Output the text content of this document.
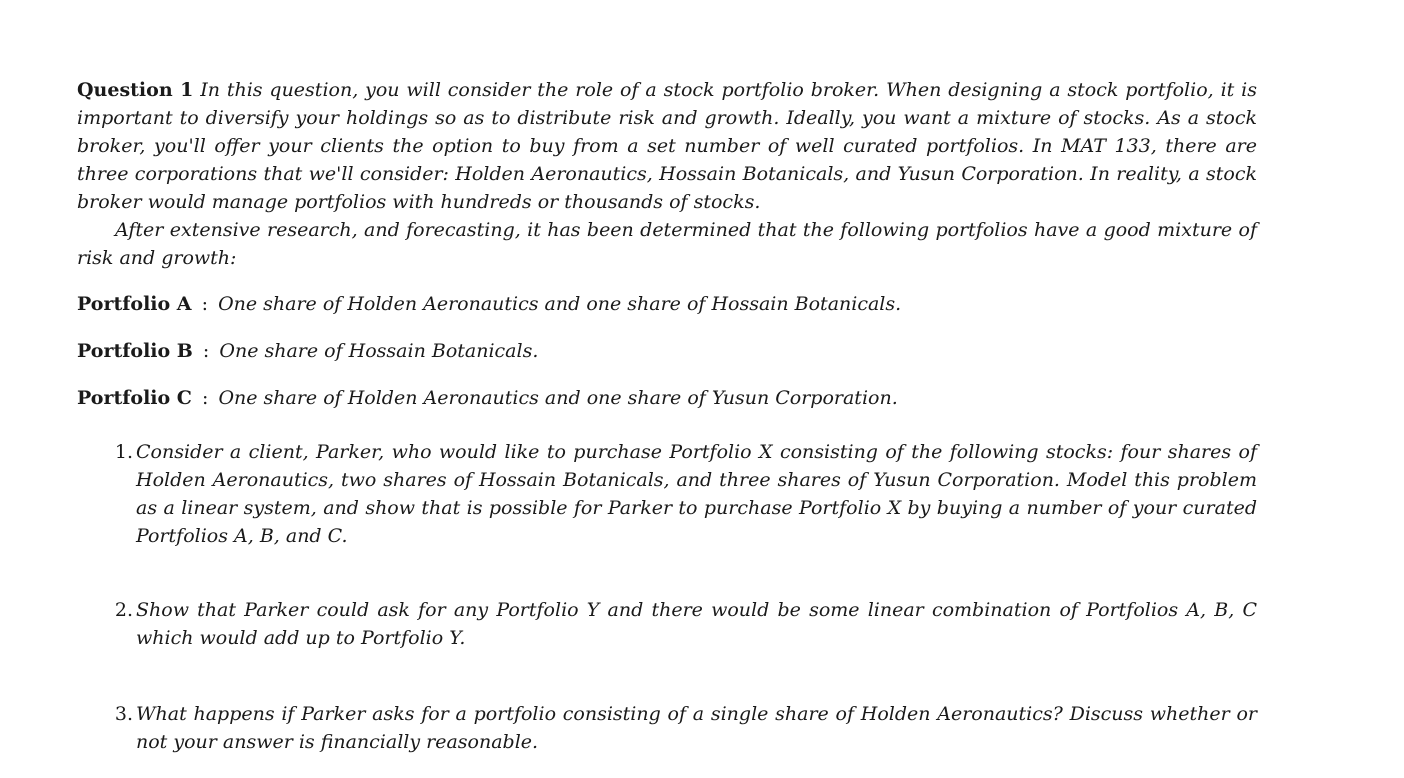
Question 1 In this question, you will consider the role of a stock portfolio broker. When designing a stock portfolio, it is important to diversify your holdings so as to distribute risk and growth. Ideally, you want a mixture of stocks. As a stock broker, you'll offer your clients the option to buy from a set number of well curated portfolios. In MAT 133, there are three corporations that we'll consider: Holden Aeronautics, Hossain Botanicals, and Yusun Corporation. In reality, a stock broker would manage portfolios with hundreds or thousands of stocks.

After extensive research, and forecasting, it has been determined that the following portfolios have a good mixture of risk and growth:

Portfolio A : One share of Holden Aeronautics and one share of Hossain Botanicals.

Portfolio B : One share of Hossain Botanicals.

Portfolio C : One share of Holden Aeronautics and one share of Yusun Corporation.

1. Consider a client, Parker, who would like to purchase Portfolio X consisting of the following stocks: four shares of Holden Aeronautics, two shares of Hossain Botanicals, and three shares of Yusun Corporation. Model this problem as a linear system, and show that is possible for Parker to purchase Portfolio X by buying a number of your curated Portfolios A, B, and C.
2. Show that Parker could ask for any Portfolio Y and there would be some linear combination of Portfolios A, B, C which would add up to Portfolio Y.
3. What happens if Parker asks for a portfolio consisting of a single share of Holden Aeronautics? Discuss whether or not your answer is financially reasonable.
